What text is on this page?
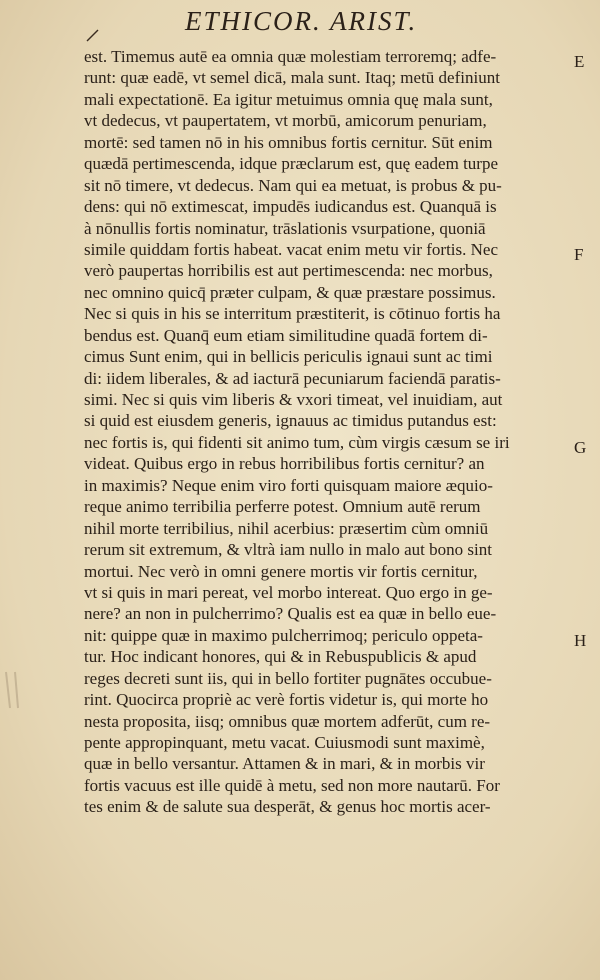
ETHICOR. ARIST.
est. Timemus autē ea omnia quæ molestiam terroremq; adfe-
runt: quæ eadē, vt semel dicā, mala sunt. Itaq; metū definiunt
mali expectationē. Ea igitur metuimus omnia quę mala sunt,
vt dedecus, vt paupertatem, vt morbū, amicorum penuriam,
mortē: sed tamen nō in his omnibus fortis cernitur. Sūt enim
quædā pertimescenda, idque præclarum est, quę eadem turpe
sit nō timere, vt dedecus. Nam qui ea metuat, is probus & pu-
dens: qui nō extimescat, impudēs iudicandus est. Quanquā is
à nōnullis fortis nominatur, trāslationis vsurpatione, quoniā
simile quiddam fortis habeat. vacat enim metu vir fortis. Nec
verò paupertas horribilis est aut pertimescenda: nec morbus,
nec omnino quicq̄ præter culpam, & quæ præstare possimus.
Nec si quis in his se interritum præstiterit, is cōtinuo fortis ha
bendus est. Quanq̄ eum etiam similitudine quadā fortem di-
cimus Sunt enim, qui in bellicis periculis ignaui sunt ac timi
di: iidem liberales, & ad iacturā pecuniarum faciendā paratis-
simi. Nec si quis vim liberis & vxori timeat, vel inuidiam, aut
si quid est eiusdem generis, ignauus ac timidus putandus est:
nec fortis is, qui fidenti sit animo tum, cùm virgis cæsum se iri
videat. Quibus ergo in rebus horribilibus fortis cernitur? an
in maximis? Neque enim viro forti quisquam maiore æquio-
reque animo terribilia perferre potest. Omnium autē rerum
nihil morte terribilius, nihil acerbius: præsertim cùm omniū
rerum sit extremum, & vltrà iam nullo in malo aut bono sint
mortui. Nec verò in omni genere mortis vir fortis cernitur,
vt si quis in mari pereat, vel morbo intereat. Quo ergo in ge-
nere? an non in pulcherrimo? Qualis est ea quæ in bello eue-
nit: quippe quæ in maximo pulcherrimoq; periculo oppeta-
tur. Hoc indicant honores, qui & in Rebuspublicis & apud
reges decreti sunt iis, qui in bello fortiter pugnātes occubue-
rint. Quocirca propriè ac verè fortis videtur is, qui morte ho
nesta proposita, iisq; omnibus quæ mortem adferūt, cum re-
pente appropinquant, metu vacat. Cuiusmodi sunt maximè,
quæ in bello versantur. Attamen & in mari, & in morbis vir
fortis vacuus est ille quidē à metu, sed non more nautarū. For
tes enim & de salute sua desperāt, & genus hoc mortis acer-
E
F
G
H
